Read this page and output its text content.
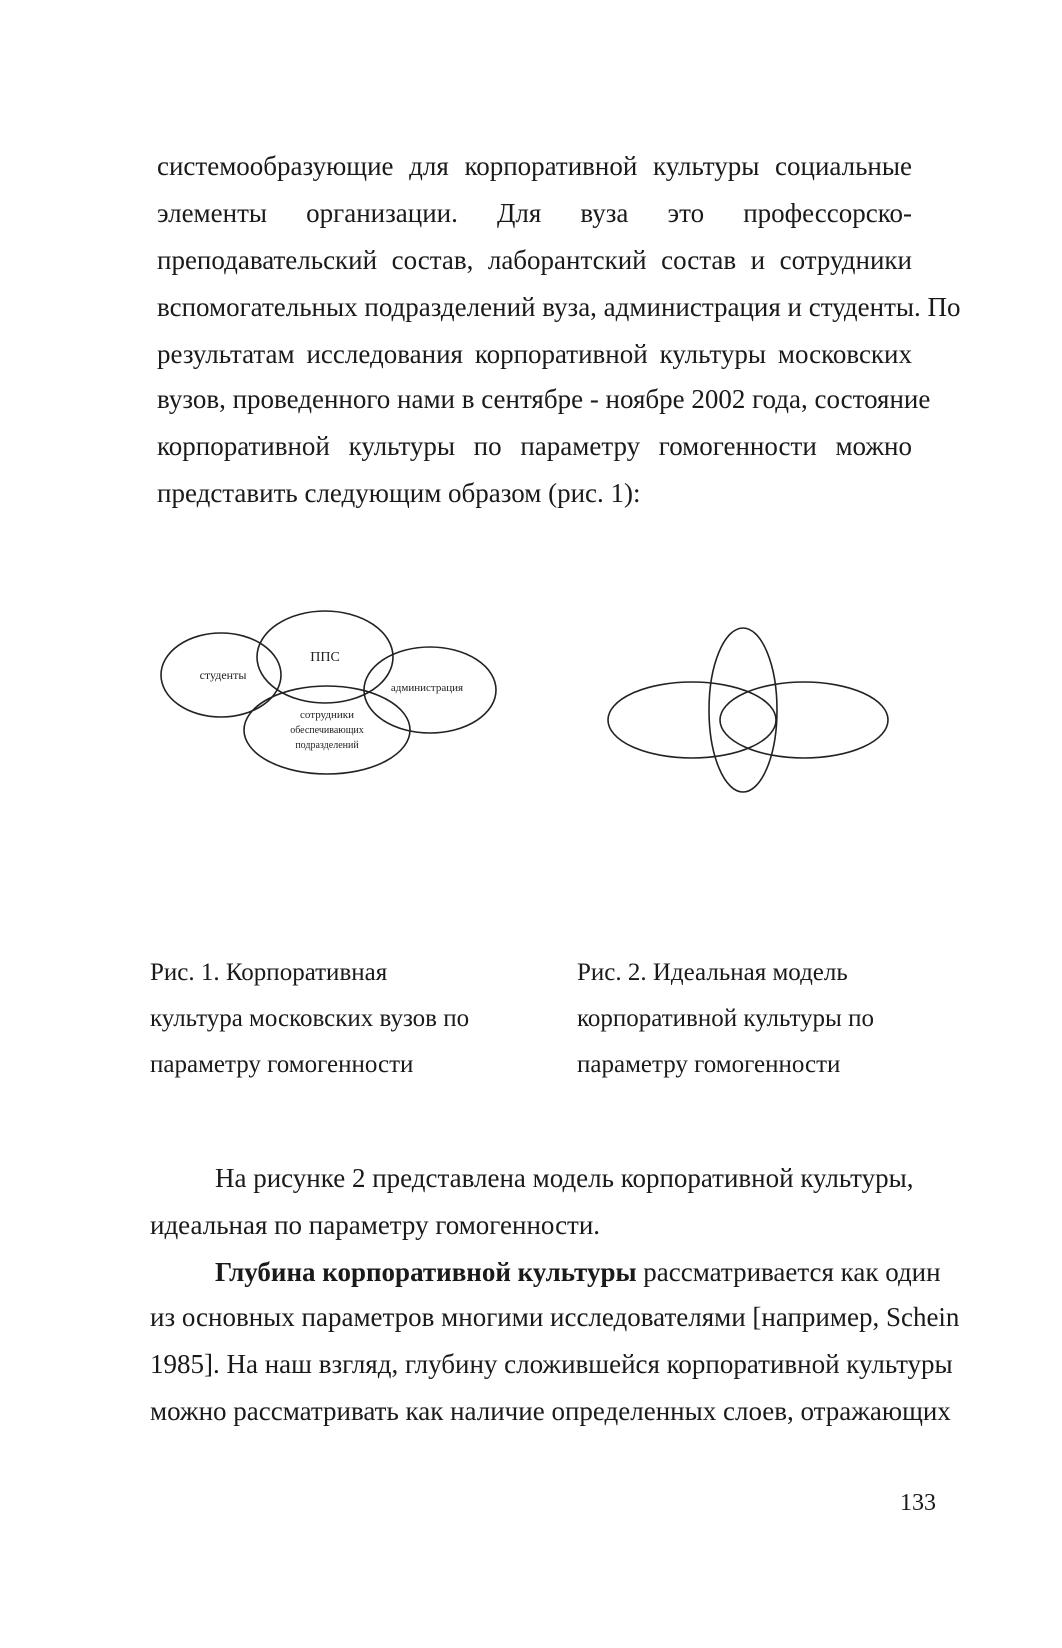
системообразующие для корпоративной культуры социальные
элементы организации. Для вуза это профессорско-
преподавательский состав, лаборантский состав и сотрудники
вспомогательных подразделений вуза, администрация и студенты. По
результатам исследования корпоративной культуры московских
вузов, проведенного нами в сентябре - ноябре 2002 года, состояние
корпоративной культуры по параметру гомогенности можно
представить следующим образом (рис. 1):
студенты
ППС
администрация
сотрудники
обеспечивающих
подразделений
Рис. 1. Корпоративная
культура московских вузов по
параметру гомогенности
Рис. 2. Идеальная модель
корпоративной культуры по
параметру гомогенности
На рисунке 2 представлена модель корпоративной культуры,
идеальная по параметру гомогенности.
Глубина корпоративной культуры рассматривается как один
из основных параметров многими исследователями [например, Schein
1985]. На наш взгляд, глубину сложившейся корпоративной культуры
можно рассматривать как наличие определенных слоев, отражающих
133
